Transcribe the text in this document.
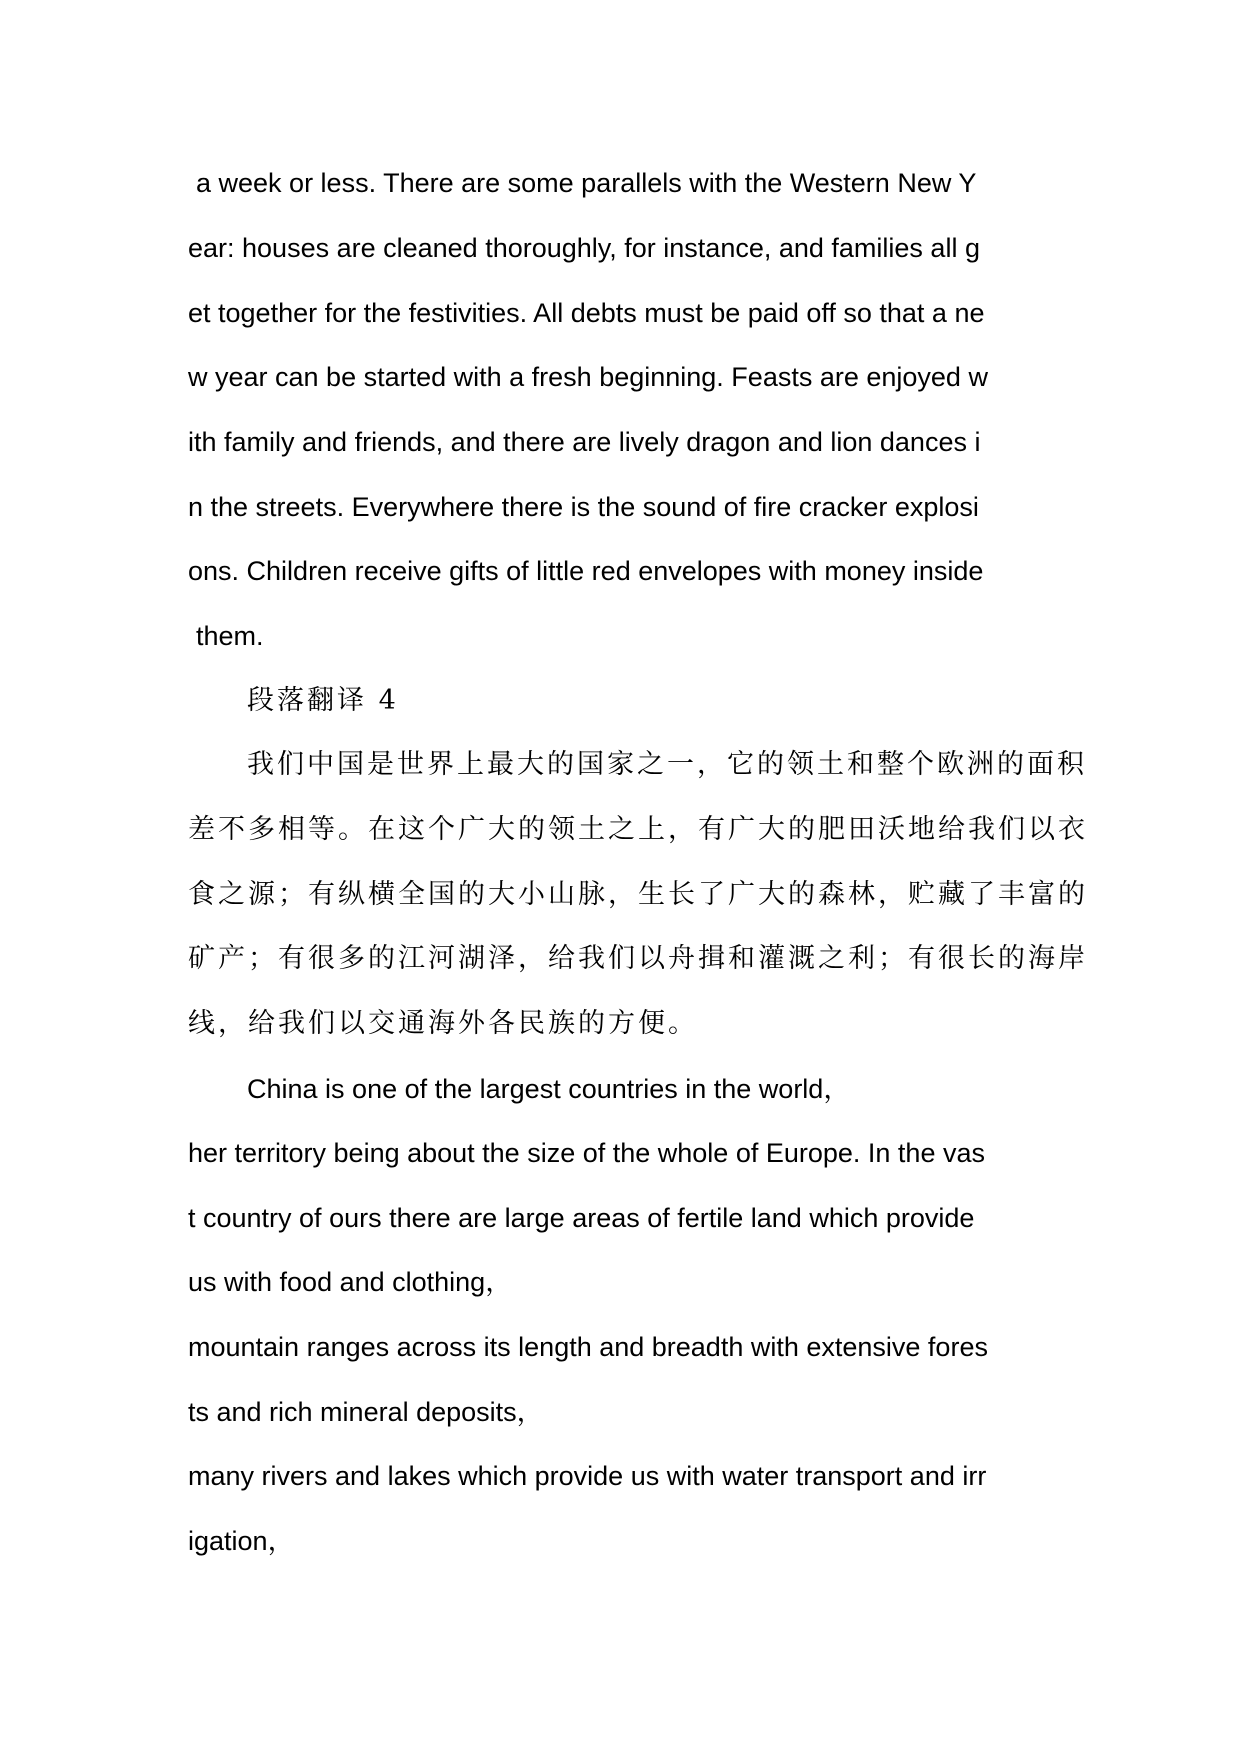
a week or less. There are some parallels with the Western New Y
ear: houses are cleaned thoroughly, for instance, and families all g
et together for the festivities. All debts must be paid off so that a ne
w year can be started with a fresh beginning. Feasts are enjoyed w
ith family and friends, and there are lively dragon and lion dances i
n the streets. Everywhere there is the sound of fire cracker explosi
ons. Children receive gifts of little red envelopes with money inside
them.
段落翻译 4
我们中国是世界上最大的国家之一，它的领土和整个欧洲的面积
差不多相等。在这个广大的领土之上，有广大的肥田沃地给我们以衣
食之源；有纵横全国的大小山脉，生长了广大的森林，贮藏了丰富的
矿产；有很多的江河湖泽，给我们以舟揖和灌溉之利；有很长的海岸
线，给我们以交通海外各民族的方便。
China is one of the largest countries in the world，
her territory being about the size of the whole of Europe. In the vas
t country of ours there are large areas of fertile land which provide
us with food and clothing，
mountain ranges across its length and breadth with extensive fores
ts and rich mineral deposits，
many rivers and lakes which provide us with water transport and irr
igation，
